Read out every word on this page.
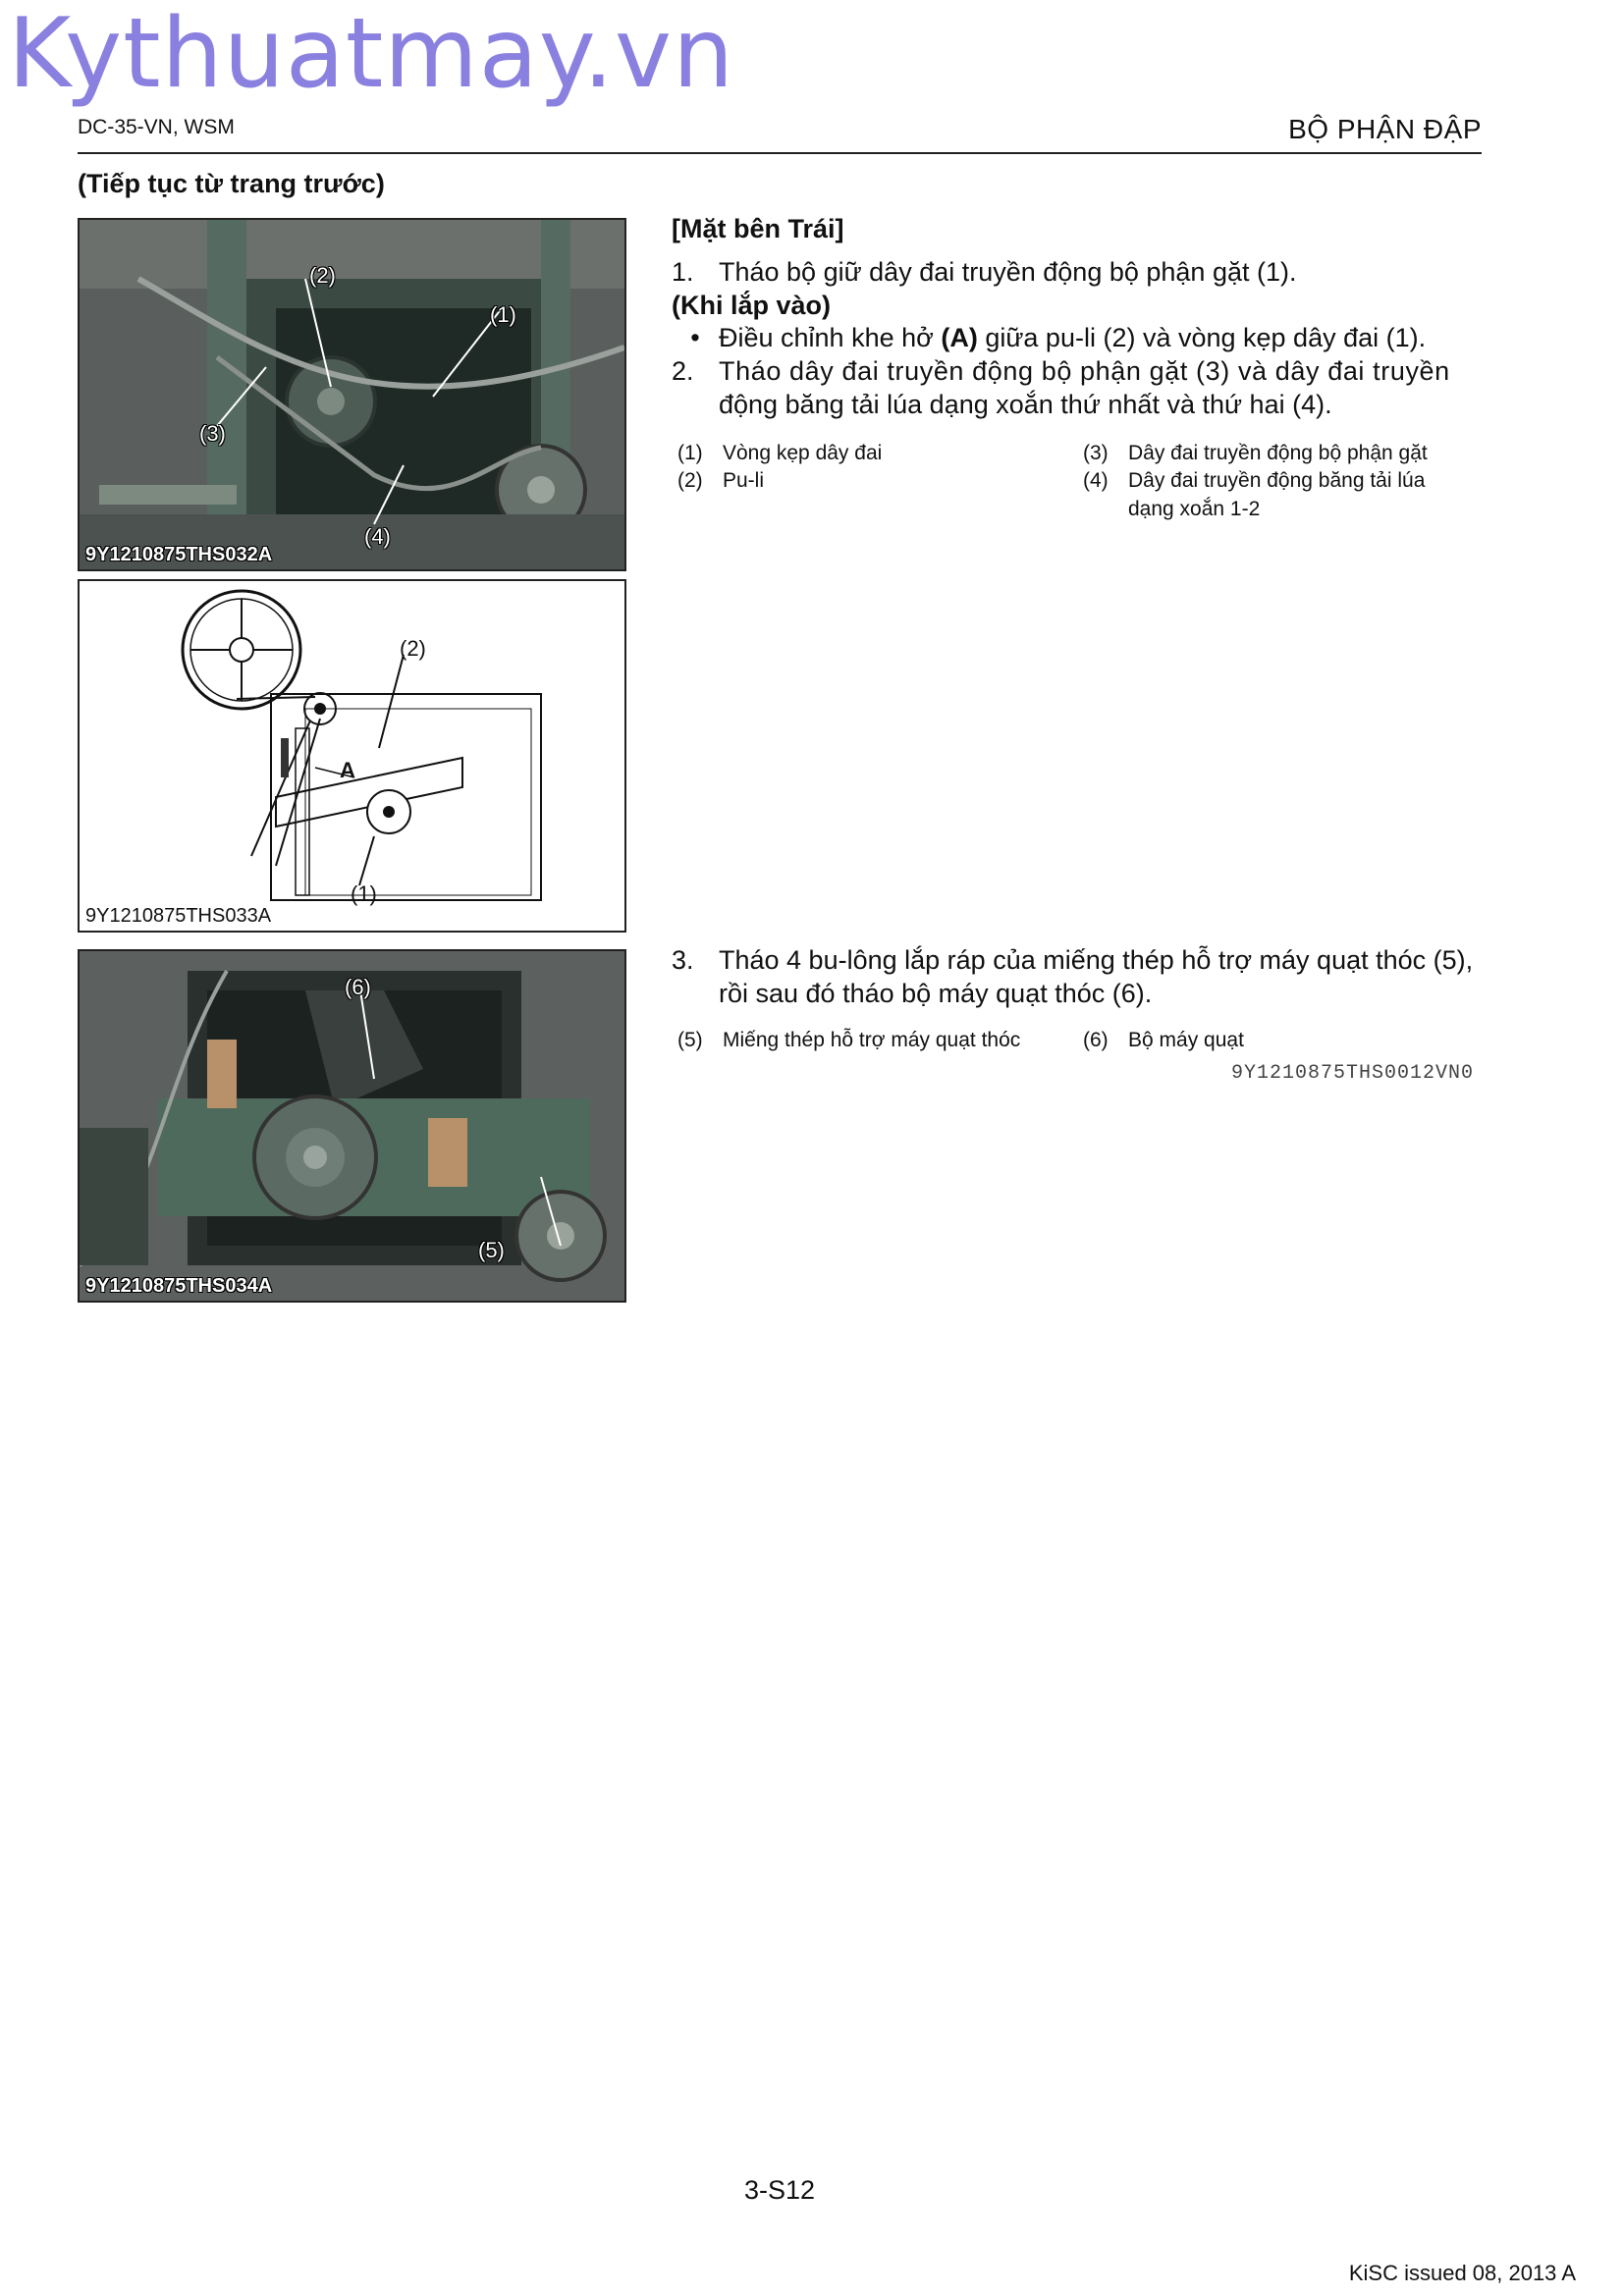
Kythuatmay.vn
DC-35-VN, WSM	BỘ PHẬN ĐẬP
(Tiếp tục từ trang trước)
(2)
(1)
(3)
(4)
9Y1210875THS032A
(2)
A
(1)
9Y1210875THS033A
(6)
(5)
9Y1210875THS034A
[Mặt bên Trái]
1. Tháo bộ giữ dây đai truyền động bộ phận gặt (1).
(Khi lắp vào)
• Điều chỉnh khe hở (A) giữa pu-li (2) và vòng kẹp dây đai (1).
2. Tháo dây đai truyền động bộ phận gặt (3) và dây đai truyền
động băng tải lúa dạng xoắn thứ nhất và thứ hai (4).
(1) Vòng kẹp dây đai
(2) Pu-li
(3) Dây đai truyền động bộ phận gặt
(4) Dây đai truyền động băng tải lúa
dạng xoắn 1-2
3. Tháo 4 bu-lông lắp ráp của miếng thép hỗ trợ máy quạt thóc (5),
rồi sau đó tháo bộ máy quạt thóc (6).
(5) Miếng thép hỗ trợ máy quạt thóc	(6) Bộ máy quạt
9Y1210875THS0012VN0
3-S12
KiSC issued 08, 2013 A
